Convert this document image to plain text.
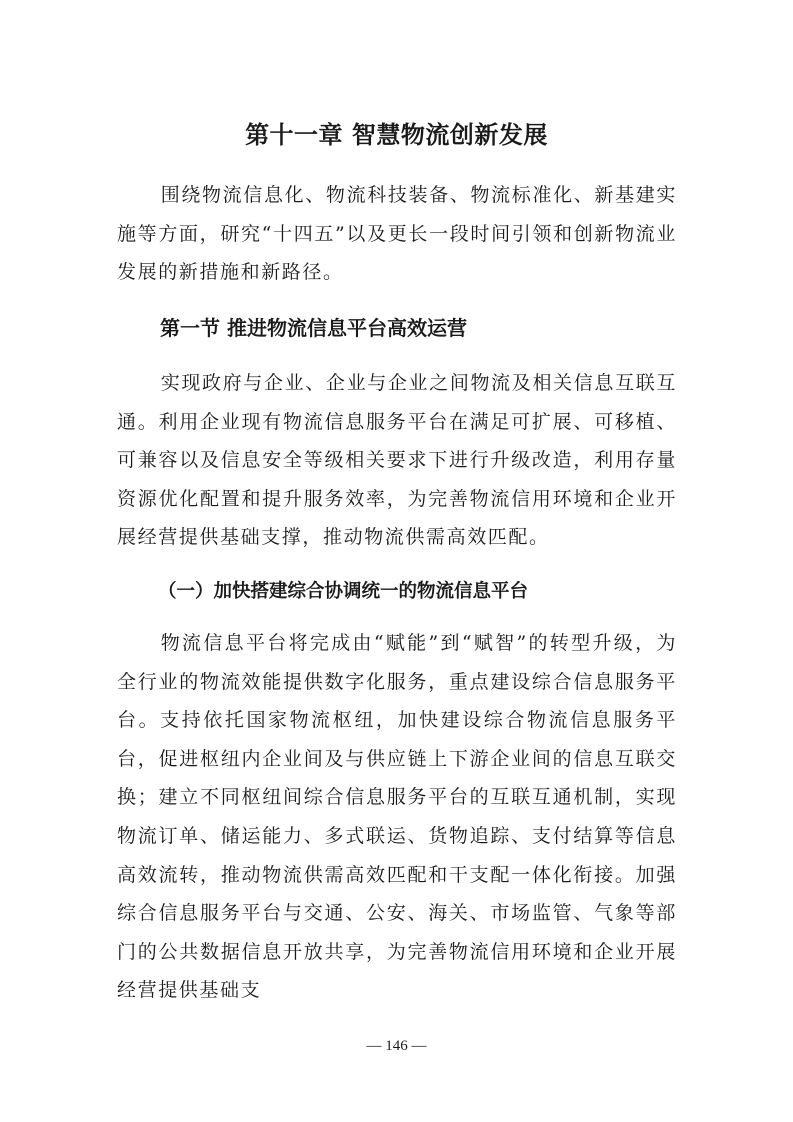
第十一章 智慧物流创新发展

围绕物流信息化、物流科技装备、物流标准化、新基建实施等方面，研究“十四五”以及更长一段时间引领和创新物流业发展的新措施和新路径。

第一节 推进物流信息平台高效运营

实现政府与企业、企业与企业之间物流及相关信息互联互通。利用企业现有物流信息服务平台在满足可扩展、可移植、可兼容以及信息安全等级相关要求下进行升级改造，利用存量资源优化配置和提升服务效率，为完善物流信用环境和企业开展经营提供基础支撑，推动物流供需高效匹配。

（一）加快搭建综合协调统一的物流信息平台

物流信息平台将完成由“赋能”到“赋智”的转型升级，为全行业的物流效能提供数字化服务，重点建设综合信息服务平台。支持依托国家物流枢纽，加快建设综合物流信息服务平台，促进枢纽内企业间及与供应链上下游企业间的信息互联交换；建立不同枢纽间综合信息服务平台的互联互通机制，实现物流订单、储运能力、多式联运、货物追踪、支付结算等信息高效流转，推动物流供需高效匹配和干支配一体化衔接。加强综合信息服务平台与交通、公安、海关、市场监管、气象等部门的公共数据信息开放共享，为完善物流信用环境和企业开展经营提供基础支

— 146 —
